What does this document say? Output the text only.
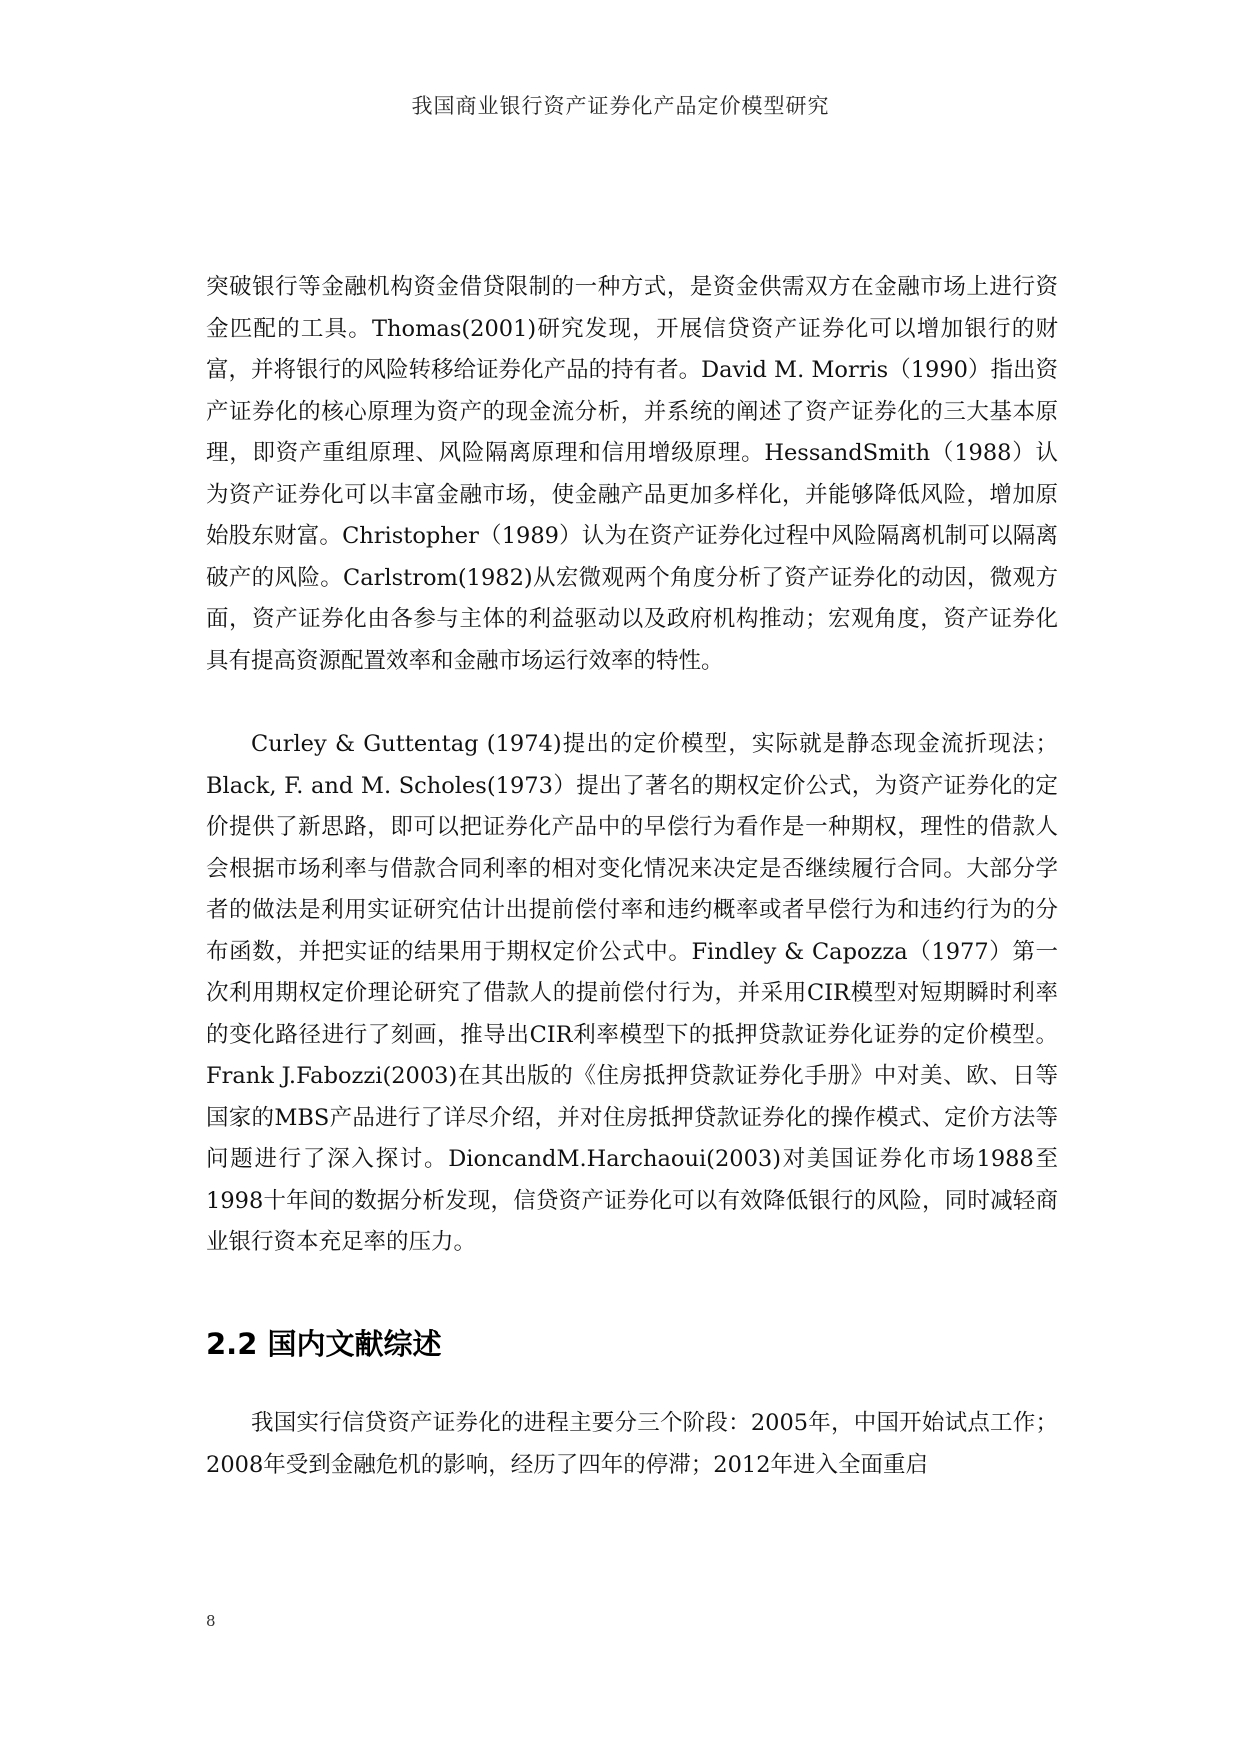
我国商业银行资产证券化产品定价模型研究

突破银行等金融机构资金借贷限制的一种方式，是资金供需双方在金融市场上进行资金匹配的工具。Thomas(2001)研究发现，开展信贷资产证券化可以增加银行的财富，并将银行的风险转移给证券化产品的持有者。David M. Morris（1990）指出资产证券化的核心原理为资产的现金流分析，并系统的阐述了资产证券化的三大基本原理，即资产重组原理、风险隔离原理和信用增级原理。HessandSmith（1988）认为资产证券化可以丰富金融市场，使金融产品更加多样化，并能够降低风险，增加原始股东财富。Christopher（1989）认为在资产证券化过程中风险隔离机制可以隔离破产的风险。Carlstrom(1982)从宏微观两个角度分析了资产证券化的动因，微观方面，资产证券化由各参与主体的利益驱动以及政府机构推动；宏观角度，资产证券化具有提高资源配置效率和金融市场运行效率的特性。

Curley & Guttentag (1974)提出的定价模型，实际就是静态现金流折现法；Black, F. and M. Scholes(1973）提出了著名的期权定价公式，为资产证券化的定价提供了新思路，即可以把证券化产品中的早偿行为看作是一种期权，理性的借款人会根据市场利率与借款合同利率的相对变化情况来决定是否继续履行合同。大部分学者的做法是利用实证研究估计出提前偿付率和违约概率或者早偿行为和违约行为的分布函数，并把实证的结果用于期权定价公式中。Findley & Capozza（1977）第一次利用期权定价理论研究了借款人的提前偿付行为，并采用CIR模型对短期瞬时利率的变化路径进行了刻画，推导出CIR利率模型下的抵押贷款证券化证券的定价模型。Frank J.Fabozzi(2003)在其出版的《住房抵押贷款证券化手册》中对美、欧、日等国家的MBS产品进行了详尽介绍，并对住房抵押贷款证券化的操作模式、定价方法等问题进行了深入探讨。DioncandM.Harchaoui(2003)对美国证券化市场1988至1998十年间的数据分析发现，信贷资产证券化可以有效降低银行的风险，同时减轻商业银行资本充足率的压力。

2.2 国内文献综述

我国实行信贷资产证券化的进程主要分三个阶段：2005年，中国开始试点工作；2008年受到金融危机的影响，经历了四年的停滞；2012年进入全面重启

8
